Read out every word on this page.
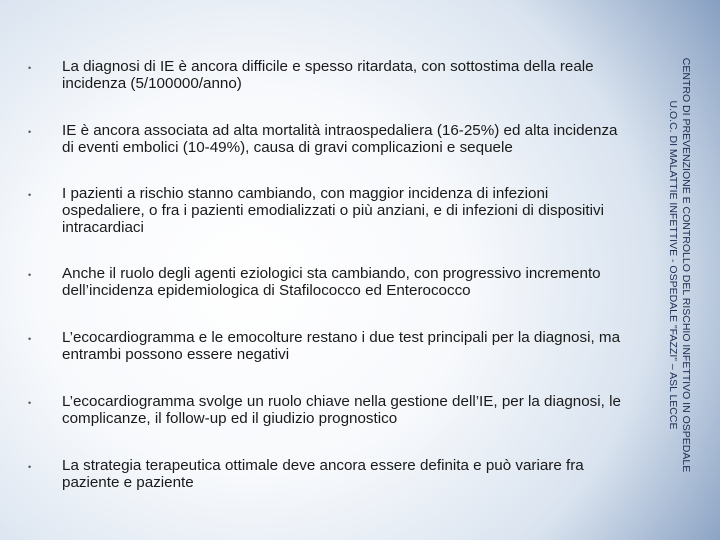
• La diagnosi di IE è ancora difficile e spesso ritardata, con sottostima della reale incidenza (5/100000/anno)
• IE è ancora associata ad alta mortalità intraospedaliera (16-25%) ed alta incidenza di eventi embolici (10-49%), causa di gravi complicazioni e sequele
• I pazienti a rischio stanno cambiando, con maggior incidenza di infezioni ospedaliere, o fra i pazienti emodializzati o più anziani, e di infezioni di dispositivi intracardiaci
• Anche il ruolo degli agenti eziologici sta cambiando, con progressivo incremento dell’incidenza epidemiologica di Stafilococco ed Enterococco
• L’ecocardiogramma e le emocolture restano i due test principali per la diagnosi, ma entrambi possono essere negativi
• L’ecocardiogramma svolge un ruolo chiave nella gestione dell’IE, per la diagnosi, le complicanze, il follow-up ed il giudizio prognostico
• La strategia terapeutica ottimale deve ancora essere definita e può variare fra paziente e paziente
CENTRO DI PREVENZIONE E CONTROLLO DEL RISCHIO INFETTIVO IN OSPEDALE
U.O.C. DI MALATTIE INFETTIVE - OSPEDALE "FAZZI" – ASL LECCE
